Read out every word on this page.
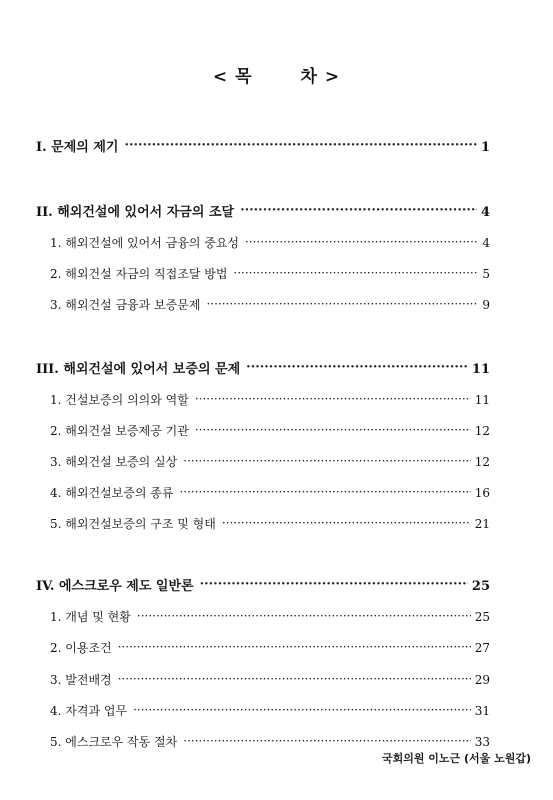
< 목	차 >
I. 문제의 제기 ·····	1
II. 해외건설에 있어서 자금의 조달 ·····	4
1. 해외건설에 있어서 금융의 중요성 ·····	4
2. 해외건설 자금의 직접조달 방법 ·····	5
3. 해외건설 금융과 보증문제 ·····	9
III. 해외건설에 있어서 보증의 문제 ·····	11
1. 건설보증의 의의와 역할 ·····	11
2. 해외건설 보증제공 기관 ·····	12
3. 해외건설 보증의 실상 ·····	12
4. 해외건설보증의 종류 ·····	16
5. 해외건설보증의 구조 및 형태 ·····	21
IV. 에스크로우 제도 일반론 ·····	25
1. 개념 및 현황 ·····	25
2. 이용조건 ·····	27
3. 발전배경 ·····	29
4. 자격과 업무 ·····	31
5. 에스크로우 작동 절차 ·····	33
국회의원 이노근 (서울 노원갑)
